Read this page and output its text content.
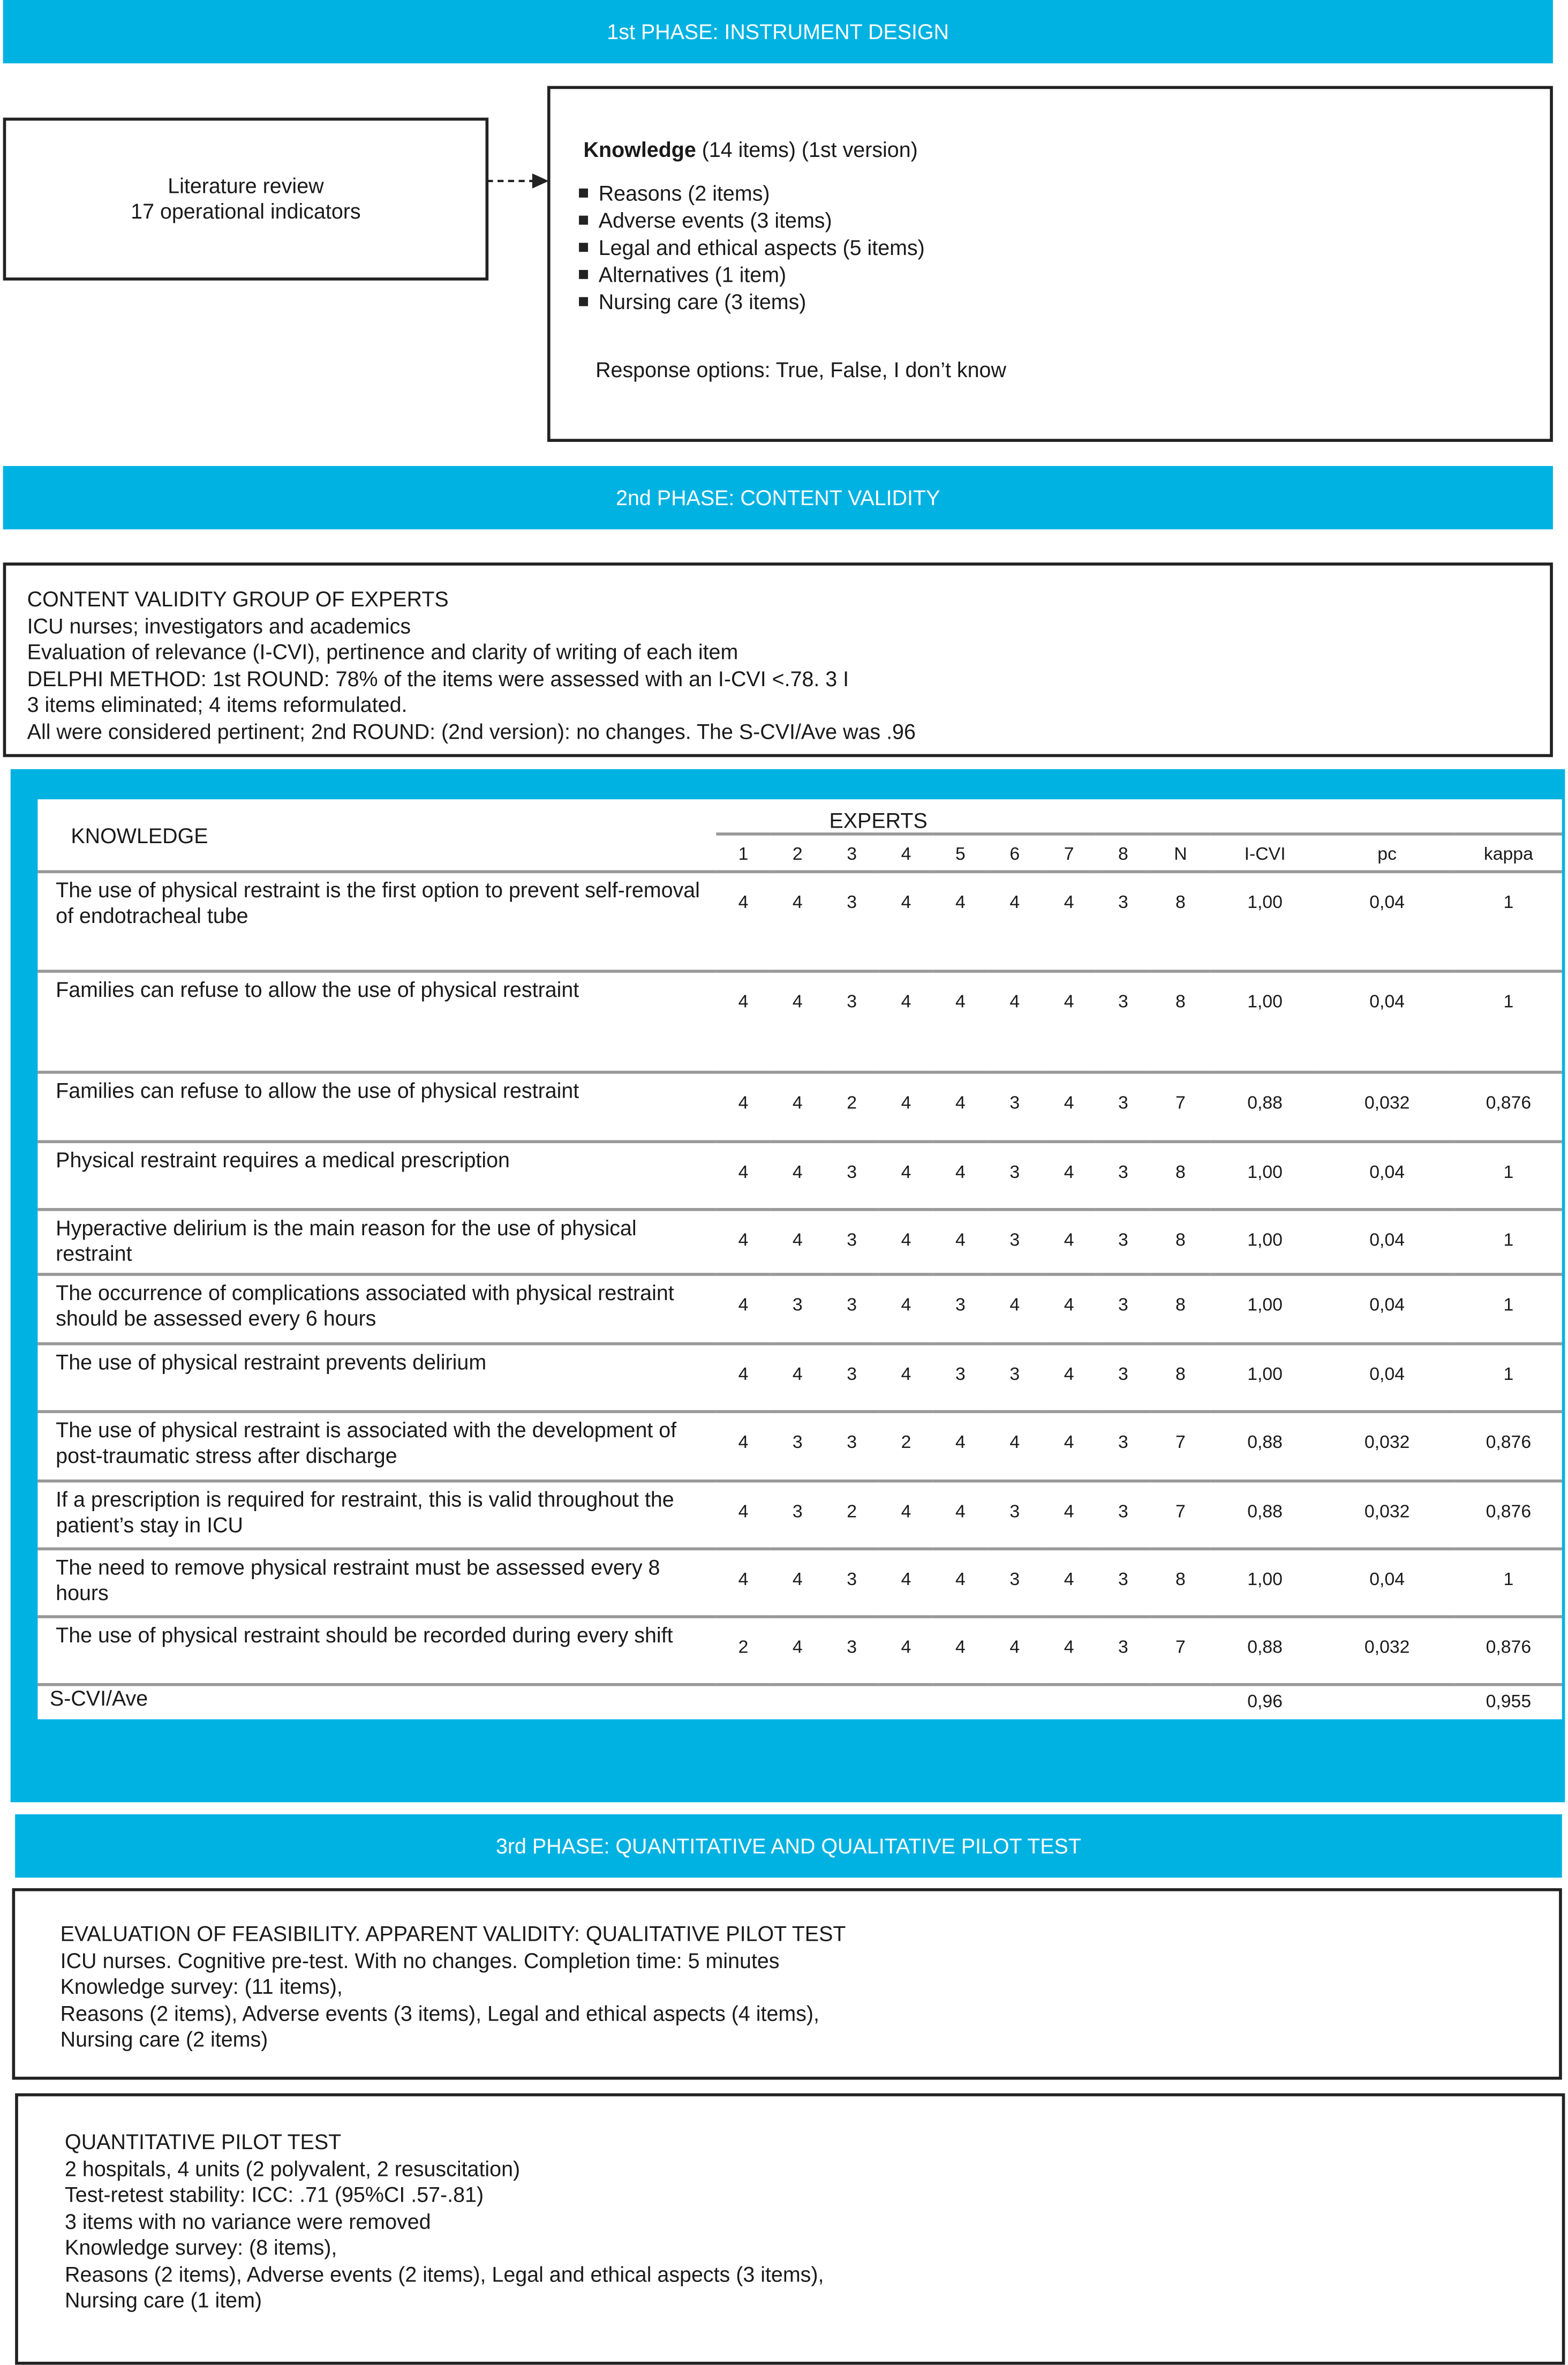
1st PHASE: INSTRUMENT DESIGN
Literature review
17 operational indicators
Knowledge (14 items) (1st version)
Reasons (2 items)
Adverse events (3 items)
Legal and ethical aspects (5 items)
Alternatives (1 item)
Nursing care (3 items)
Response options: True, False, I don’t know
2nd PHASE: CONTENT VALIDITY
CONTENT VALIDITY GROUP OF EXPERTS
ICU nurses; investigators and academics
Evaluation of relevance (I-CVI), pertinence and clarity of writing of each item
DELPHI METHOD: 1st ROUND: 78% of the items were assessed with an I-CVI <.78. 3 I
3 items eliminated; 4 items reformulated.
All were considered pertinent; 2nd ROUND: (2nd version): no changes. The S-CVI/Ave was .96
KNOWLEDGE	EXPERTS											
	1	2	3	4	5	6	7	8	N	I-CVI	pc	kappa
The use of physical restraint is the first option to prevent self-removal of endotracheal tube	4	4	3	4	4	4	4	3	8	1,00	0,04	1
Families can refuse to allow the use of physical restraint	4	4	3	4	4	4	4	3	8	1,00	0,04	1
Families can refuse to allow the use of physical restraint	4	4	2	4	4	3	4	3	7	0,88	0,032	0,876
Physical restraint requires a medical prescription	4	4	3	4	4	3	4	3	8	1,00	0,04	1
Hyperactive delirium is the main reason for the use of physical restraint	4	4	3	4	4	3	4	3	8	1,00	0,04	1
The occurrence of complications associated with physical restraint should be assessed every 6 hours	4	3	3	4	3	4	4	3	8	1,00	0,04	1
The use of physical restraint prevents delirium	4	4	3	4	3	3	4	3	8	1,00	0,04	1
The use of physical restraint is associated with the development of post-traumatic stress after discharge	4	3	3	2	4	4	4	3	7	0,88	0,032	0,876
If a prescription is required for restraint, this is valid throughout the patient’s stay in ICU	4	3	2	4	4	3	4	3	7	0,88	0,032	0,876
The need to remove physical restraint must be assessed every 8 hours	4	4	3	4	4	3	4	3	8	1,00	0,04	1
The use of physical restraint should be recorded during every shift	2	4	3	4	4	4	4	3	7	0,88	0,032	0,876
S-CVI/Ave										0,96		0,955
3rd PHASE: QUANTITATIVE AND QUALITATIVE PILOT TEST
EVALUATION OF FEASIBILITY. APPARENT VALIDITY: QUALITATIVE PILOT TEST
ICU nurses. Cognitive pre-test. With no changes. Completion time: 5 minutes
Knowledge survey: (11 items),
Reasons (2 items), Adverse events (3 items), Legal and ethical aspects (4 items),
Nursing care (2 items)
QUANTITATIVE PILOT TEST
2 hospitals, 4 units (2 polyvalent, 2 resuscitation)
Test-retest stability: ICC: .71 (95%CI .57-.81)
3 items with no variance were removed
Knowledge survey: (8 items),
Reasons (2 items), Adverse events (2 items), Legal and ethical aspects (3 items),
Nursing care (1 item)
